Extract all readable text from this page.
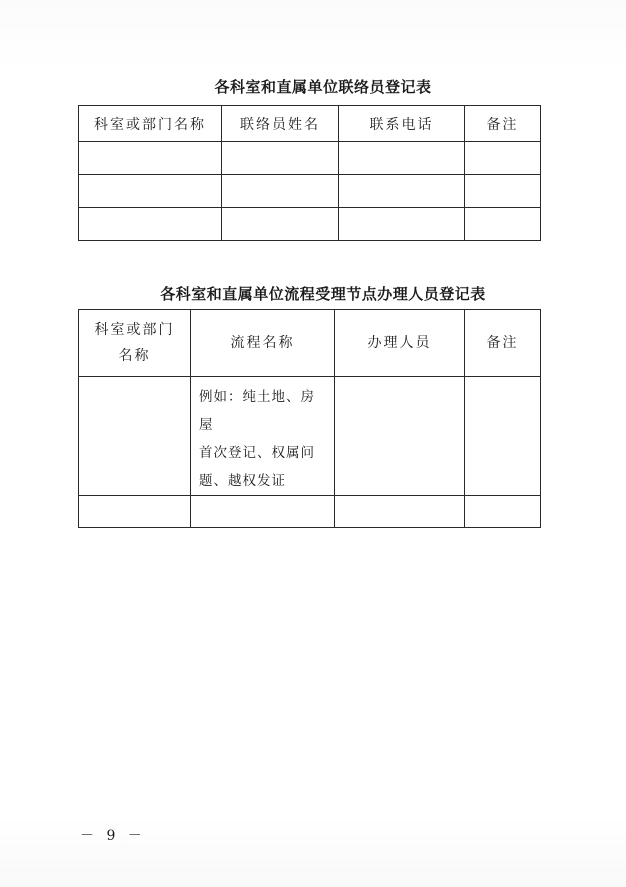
各科室和直属单位联络员登记表
科室或部门名称	联络员姓名	联系电话	备注

各科室和直属单位流程受理节点办理人员登记表
科室或部门
名称	流程名称	办理人员	备注

	例如：纯土地、房屋
首次登记、权属问
题、越权发证		

－ 9 －
